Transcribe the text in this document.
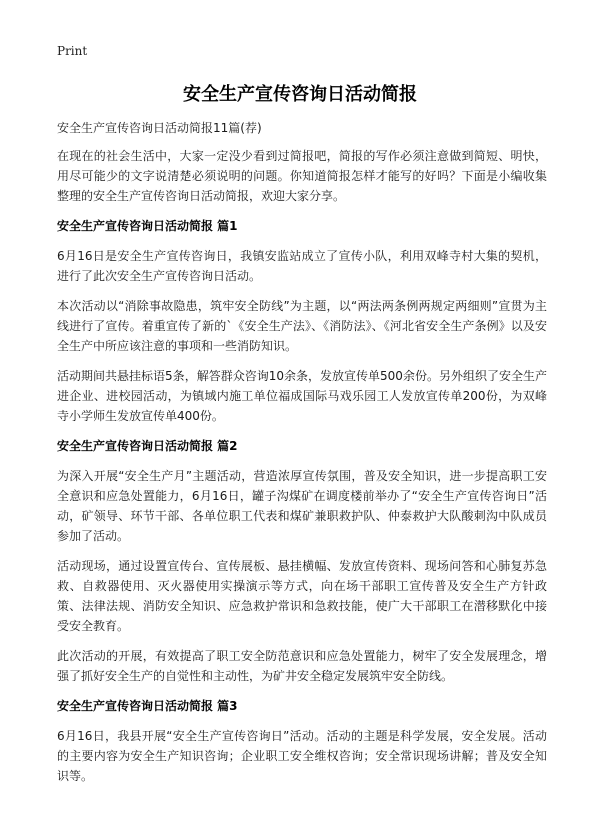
Print
安全生产宣传咨询日活动简报

安全生产宣传咨询日活动简报11篇(荐)

在现在的社会生活中，大家一定没少看到过简报吧，简报的写作必须注意做到简短、明快，用尽可能少的文字说清楚必须说明的问题。你知道简报怎样才能写的好吗？下面是小编收集整理的安全生产宣传咨询日活动简报，欢迎大家分享。

安全生产宣传咨询日活动简报 篇1

6月16日是安全生产宣传咨询日，我镇安监站成立了宣传小队，利用双峰寺村大集的契机，进行了此次安全生产宣传咨询日活动。

本次活动以“消除事故隐患，筑牢安全防线”为主题，以“两法两条例两规定两细则”宣贯为主线进行了宣传。着重宣传了新的`《安全生产法》、《消防法》、《河北省安全生产条例》以及安全生产中所应该注意的事项和一些消防知识。

活动期间共悬挂标语5条，解答群众咨询10余条，发放宣传单500余份。另外组织了安全生产进企业、进校园活动，为镇域内施工单位福成国际马戏乐园工人发放宣传单200份，为双峰寺小学师生发放宣传单400份。

安全生产宣传咨询日活动简报 篇2

为深入开展“安全生产月”主题活动，营造浓厚宣传氛围，普及安全知识，进一步提高职工安全意识和应急处置能力，6月16日，罐子沟煤矿在调度楼前举办了“安全生产宣传咨询日”活动，矿领导、环节干部、各单位职工代表和煤矿兼职救护队、仲泰救护大队酸刺沟中队成员参加了活动。

活动现场，通过设置宣传台、宣传展板、悬挂横幅、发放宣传资料、现场问答和心肺复苏急救、自救器使用、灭火器使用实操演示等方式，向在场干部职工宣传普及安全生产方针政策、法律法规、消防安全知识、应急救护常识和急救技能，使广大干部职工在潜移默化中接受安全教育。

此次活动的开展，有效提高了职工安全防范意识和应急处置能力，树牢了安全发展理念，增强了抓好安全生产的自觉性和主动性，为矿井安全稳定发展筑牢安全防线。

安全生产宣传咨询日活动简报 篇3

6月16日，我县开展“安全生产宣传咨询日”活动。活动的主题是科学发展，安全发展。活动的主要内容为安全生产知识咨询；企业职工安全维权咨询；安全常识现场讲解；普及安全知识等。
